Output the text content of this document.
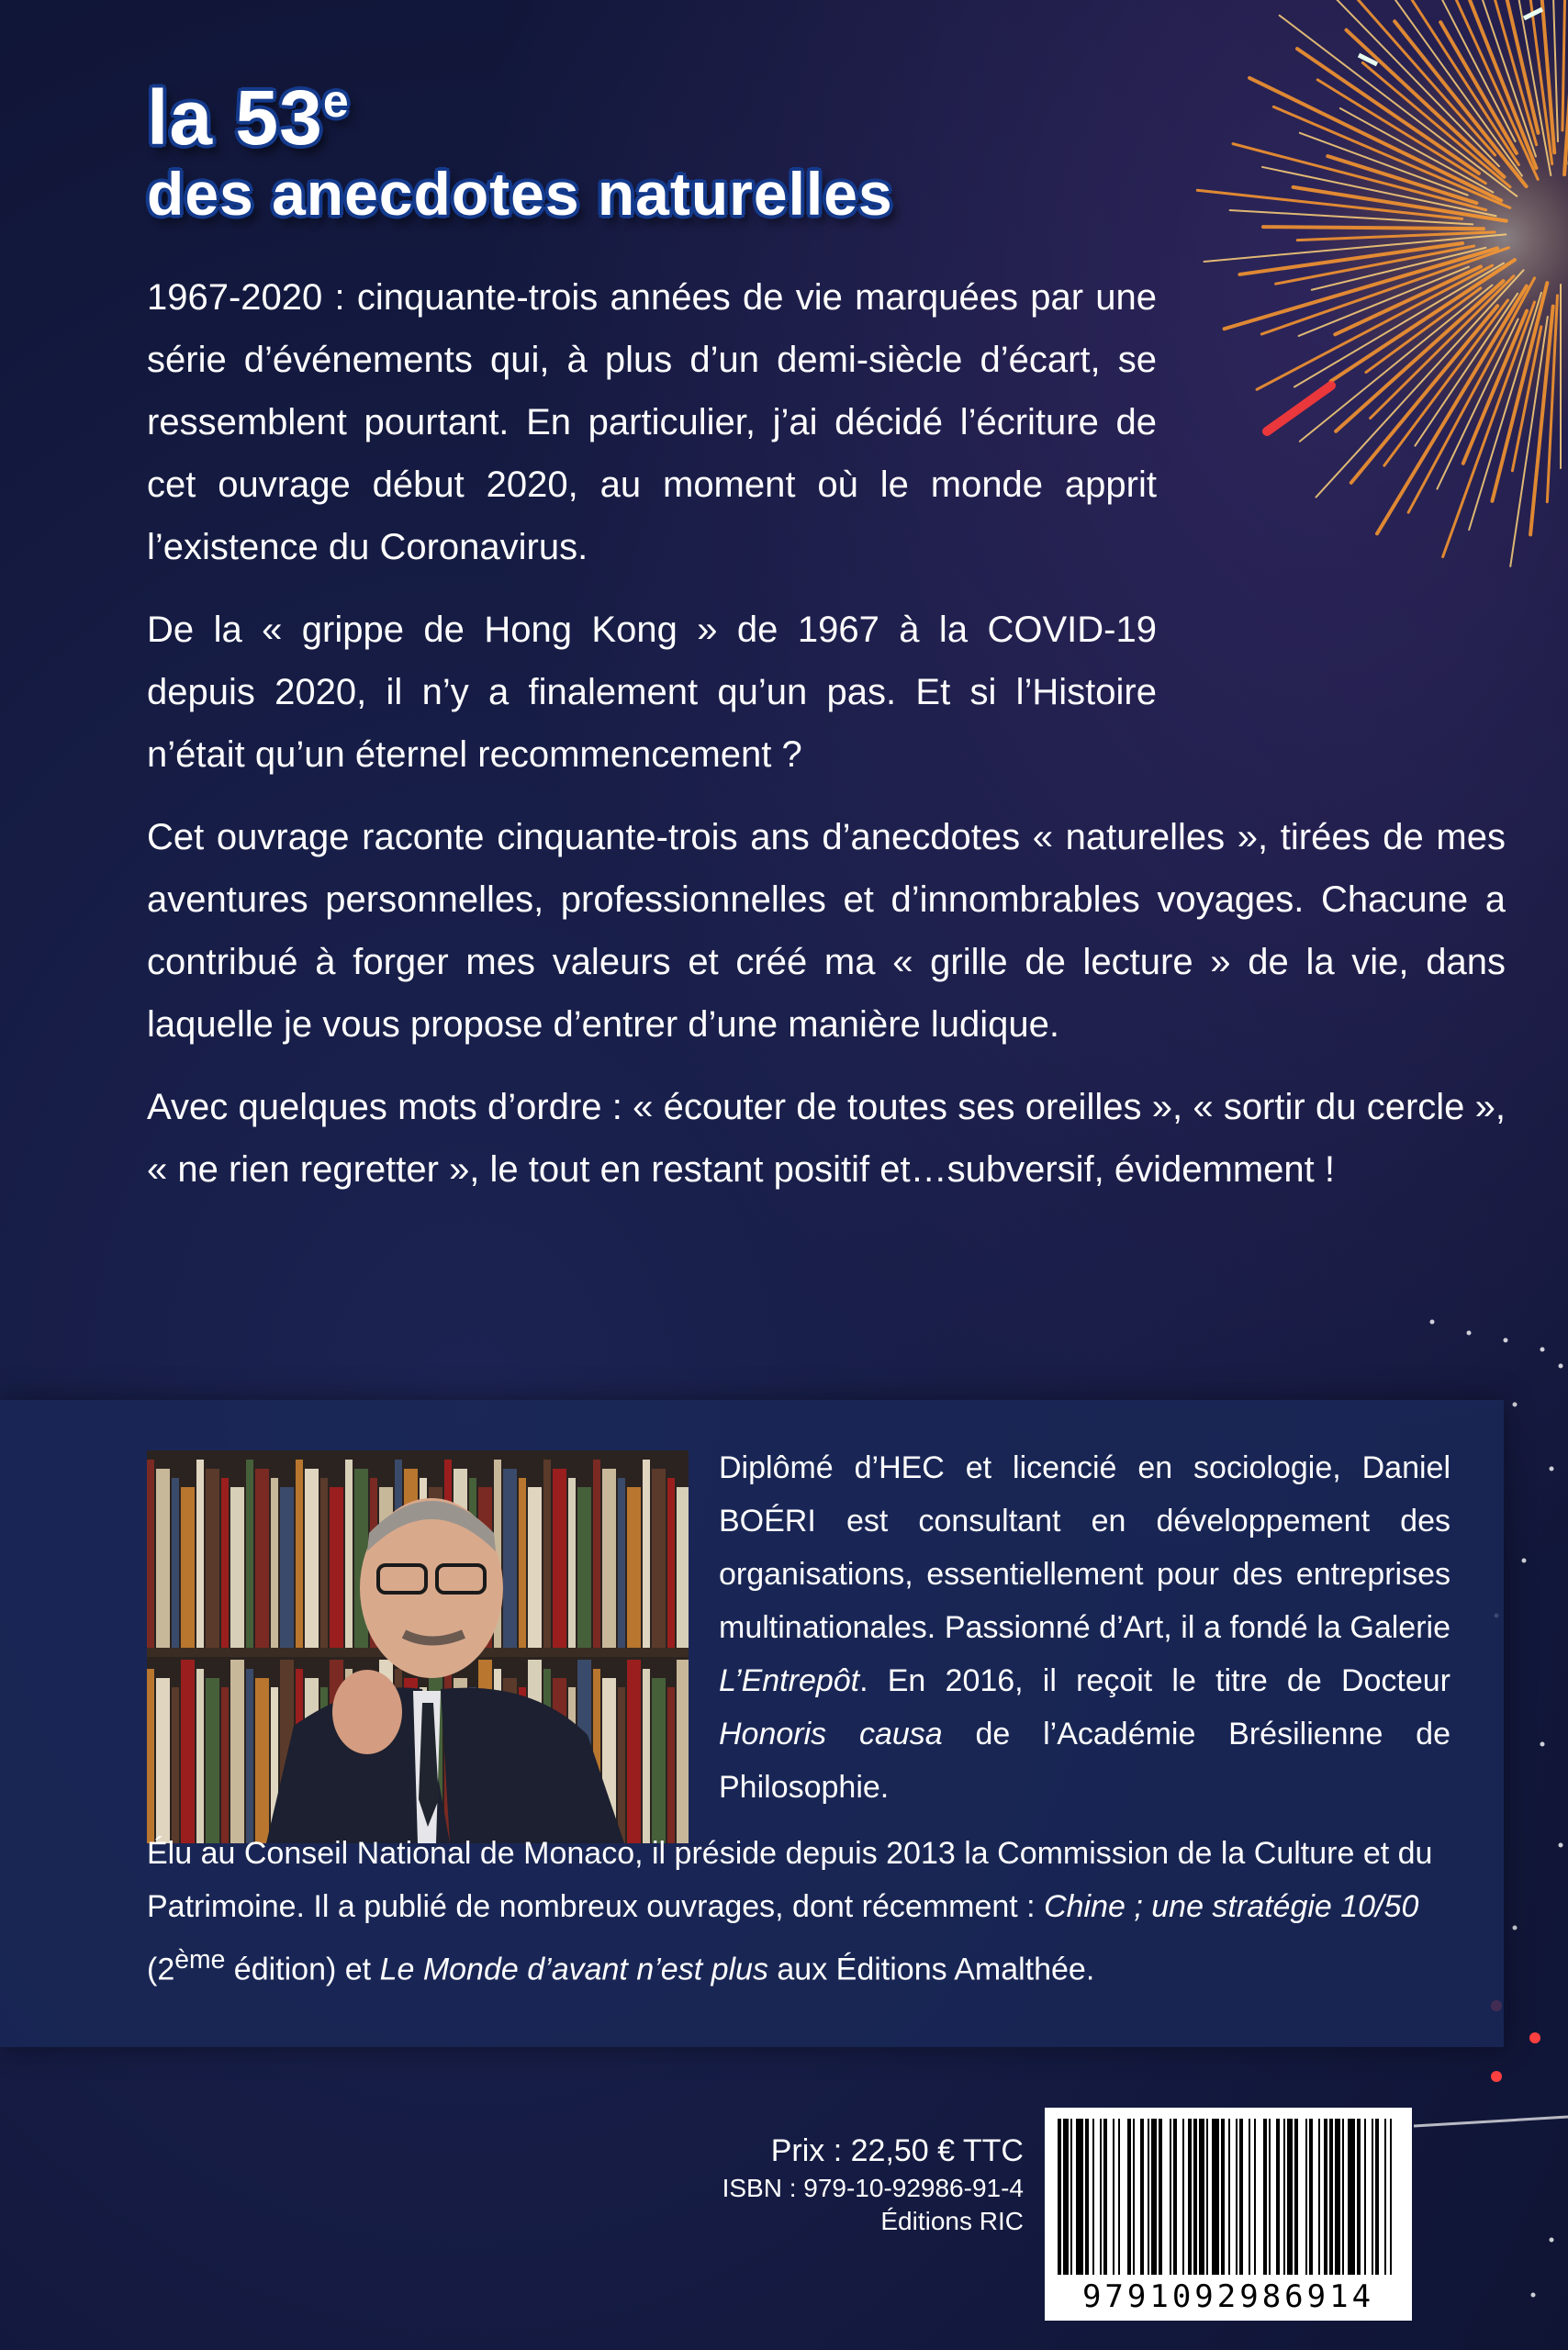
la 53e
des anecdotes naturelles

1967-2020 : cinquante-trois années de vie marquées par une série d’événements qui, à plus d’un demi-siècle d’écart, se ressemblent pourtant. En particulier, j’ai décidé l’écriture de cet ouvrage début 2020, au moment où le monde apprit l’existence du Coronavirus.

De la « grippe de Hong Kong » de 1967 à la COVID-19 depuis 2020, il n’y a finalement qu’un pas. Et si l’Histoire n’était qu’un éternel recommencement ?

Cet ouvrage raconte cinquante-trois ans d’anecdotes « naturelles », tirées de mes aventures personnelles, professionnelles et d’innombrables voyages. Chacune a contribué à forger mes valeurs et créé ma « grille de lecture » de la vie, dans laquelle je vous propose d’entrer d’une manière ludique.

Avec quelques mots d’ordre : « écouter de toutes ses oreilles », « sortir du cercle », « ne rien regretter », le tout en restant positif et…subversif, évidemment !

Diplômé d’HEC et licencié en sociologie, Daniel BOÉRI est consultant en développement des organisations, essentiellement pour des entreprises multinationales. Passionné d’Art, il a fondé la Galerie L’Entrepôt. En 2016, il reçoit le titre de Docteur Honoris causa de l’Académie Brésilienne de Philosophie.

Élu au Conseil National de Monaco, il préside depuis 2013 la Commission de la Culture et du Patrimoine. Il a publié de nombreux ouvrages, dont récemment : Chine ; une stratégie 10/50 (2ème édition) et Le Monde d’avant n’est plus aux Éditions Amalthée.

Prix : 22,50 € TTC
ISBN : 979-10-92986-91-4
Éditions RIC
9791092986914
